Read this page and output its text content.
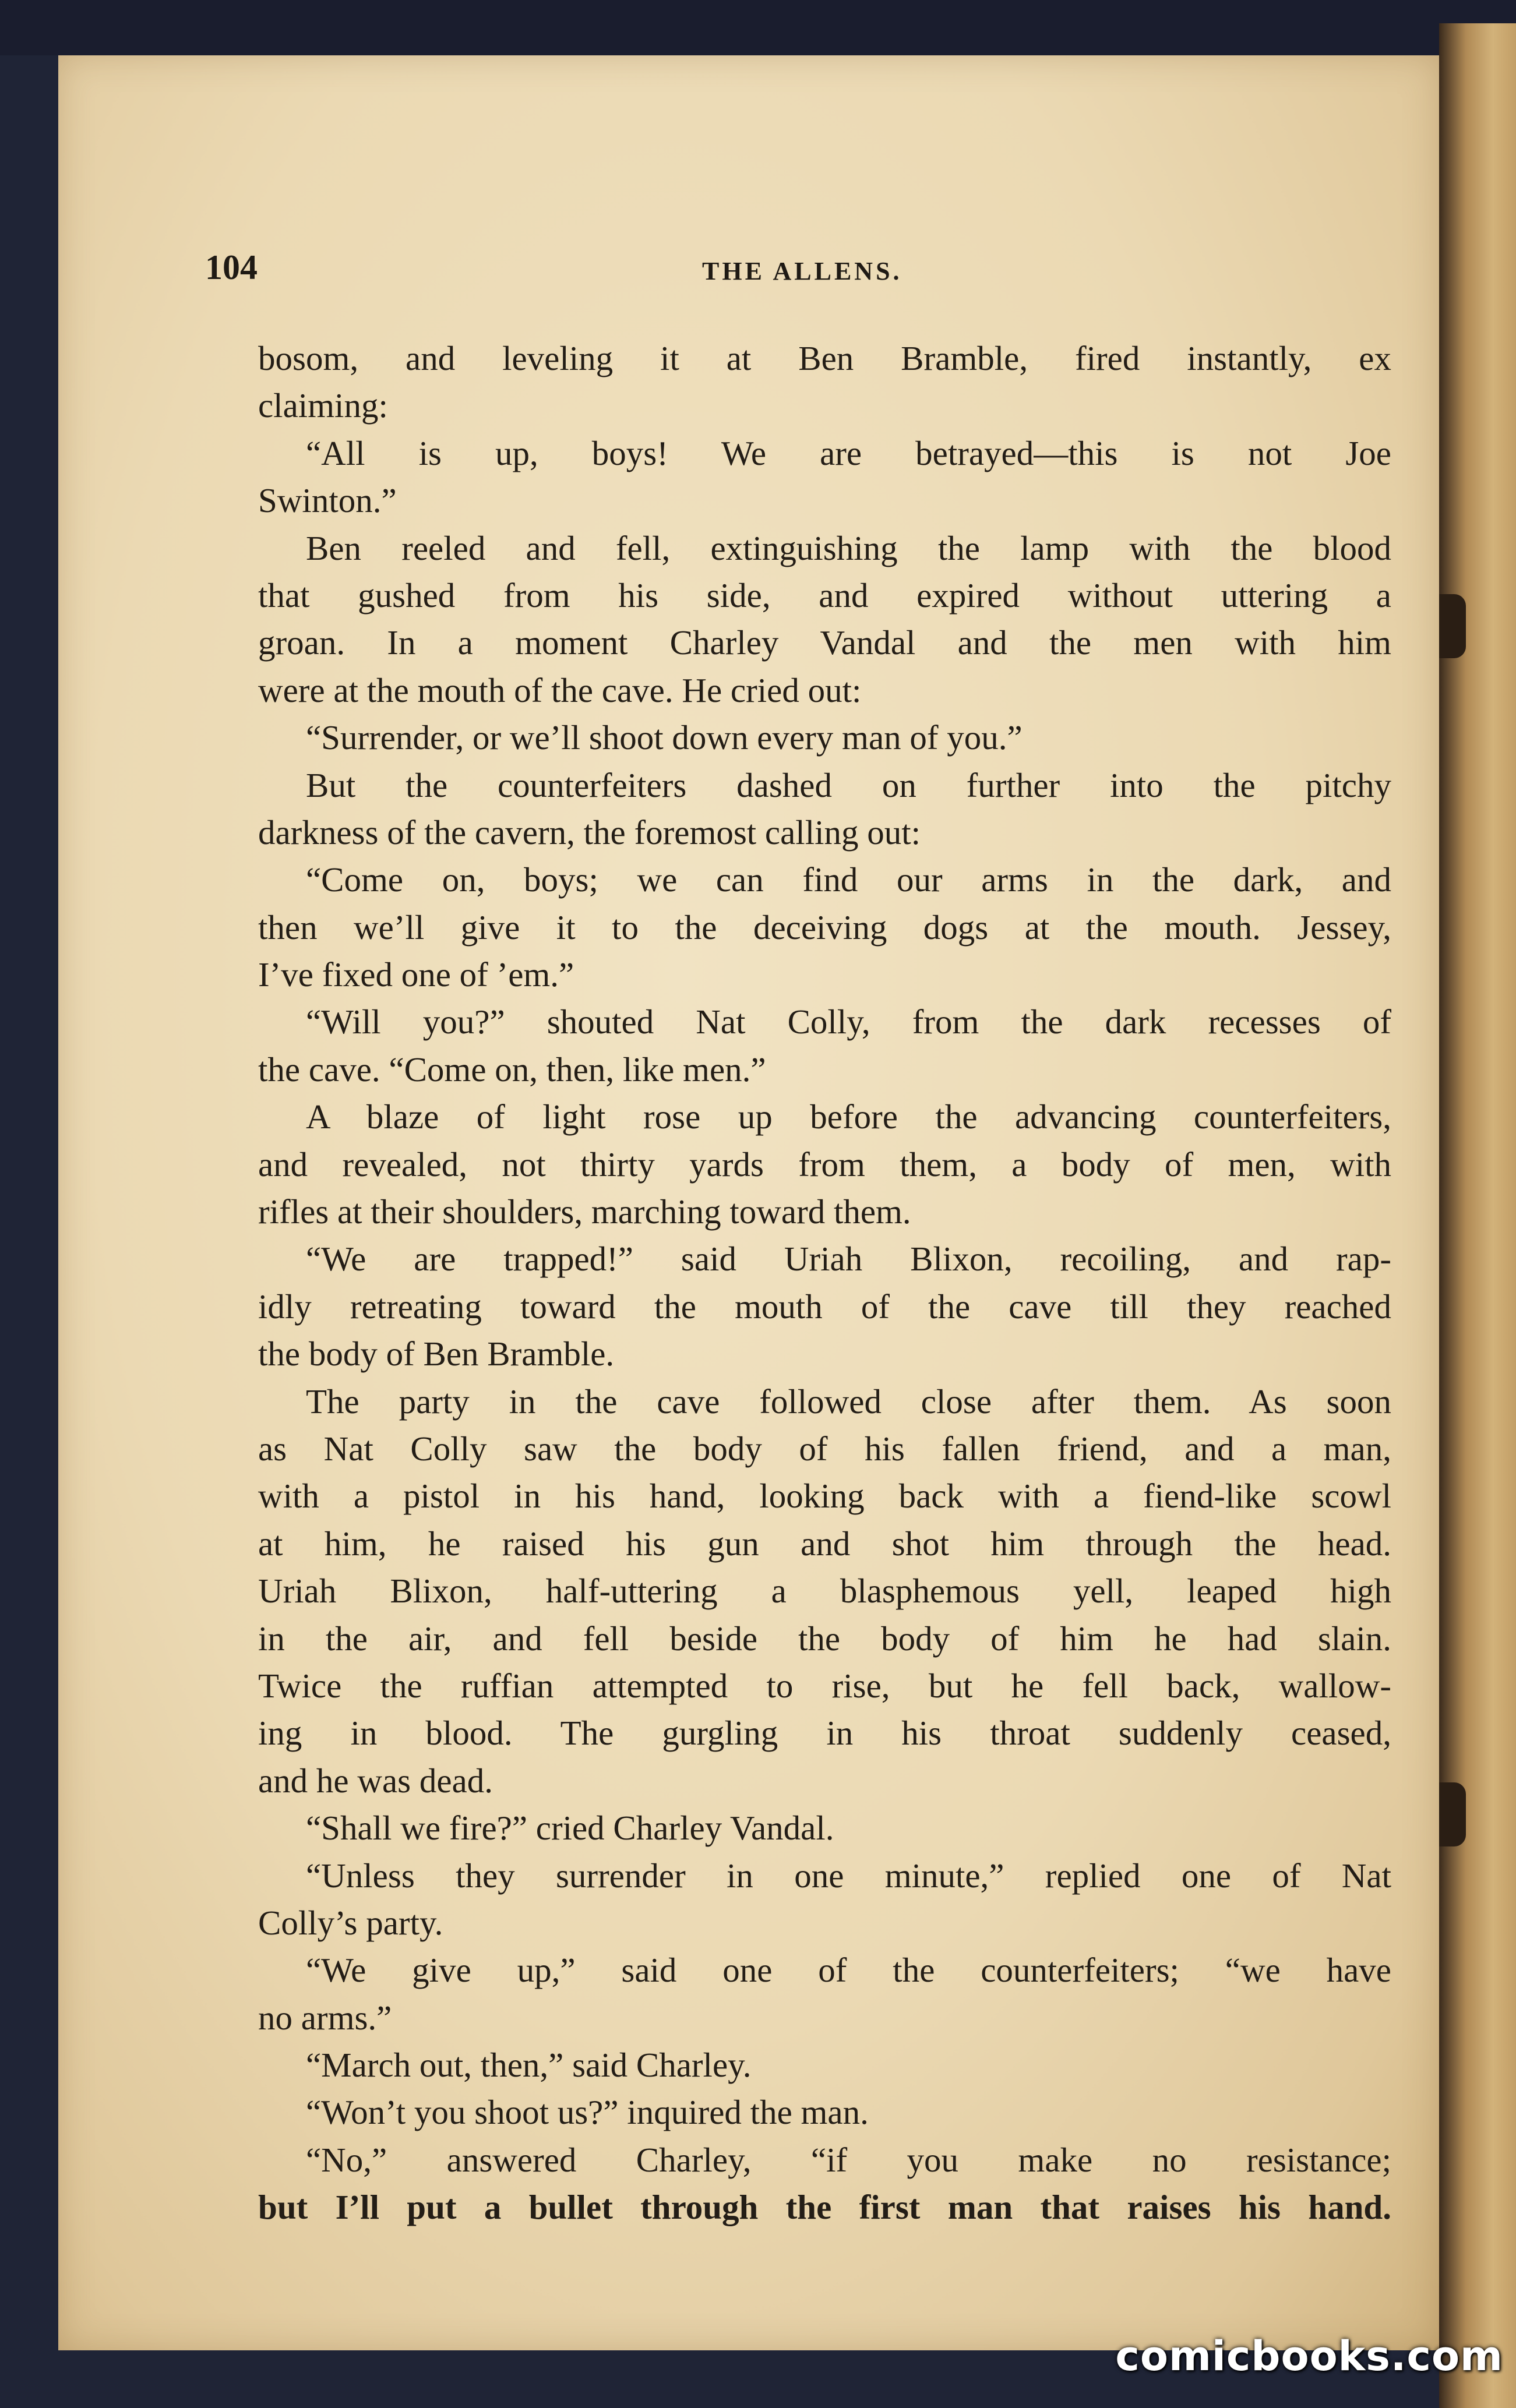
104	THE ALLENS.
bosom, and leveling it at Ben Bramble, fired instantly, ex
claiming:
“All is up, boys! We are betrayed—this is not Joe
Swinton.”
Ben reeled and fell, extinguishing the lamp with the blood
that gushed from his side, and expired without uttering a
groan. In a moment Charley Vandal and the men with him
were at the mouth of the cave. He cried out:
“Surrender, or we’ll shoot down every man of you.”
But the counterfeiters dashed on further into the pitchy
darkness of the cavern, the foremost calling out:
“Come on, boys; we can find our arms in the dark, and
then we’ll give it to the deceiving dogs at the mouth. Jessey,
I’ve fixed one of ’em.”
“Will you?” shouted Nat Colly, from the dark recesses of
the cave. “Come on, then, like men.”
A blaze of light rose up before the advancing counterfeiters,
and revealed, not thirty yards from them, a body of men, with
rifles at their shoulders, marching toward them.
“We are trapped!” said Uriah Blixon, recoiling, and rap-
idly retreating toward the mouth of the cave till they reached
the body of Ben Bramble.
The party in the cave followed close after them. As soon
as Nat Colly saw the body of his fallen friend, and a man,
with a pistol in his hand, looking back with a fiend-like scowl
at him, he raised his gun and shot him through the head.
Uriah Blixon, half-uttering a blasphemous yell, leaped high
in the air, and fell beside the body of him he had slain.
Twice the ruffian attempted to rise, but he fell back, wallow-
ing in blood. The gurgling in his throat suddenly ceased,
and he was dead.
“Shall we fire?” cried Charley Vandal.
“Unless they surrender in one minute,” replied one of Nat
Colly’s party.
“We give up,” said one of the counterfeiters; “we have
no arms.”
“March out, then,” said Charley.
“Won’t you shoot us?” inquired the man.
“No,” answered Charley, “if you make no resistance;
but I’ll put a bullet through the first man that raises his hand.
comicbooks.com
